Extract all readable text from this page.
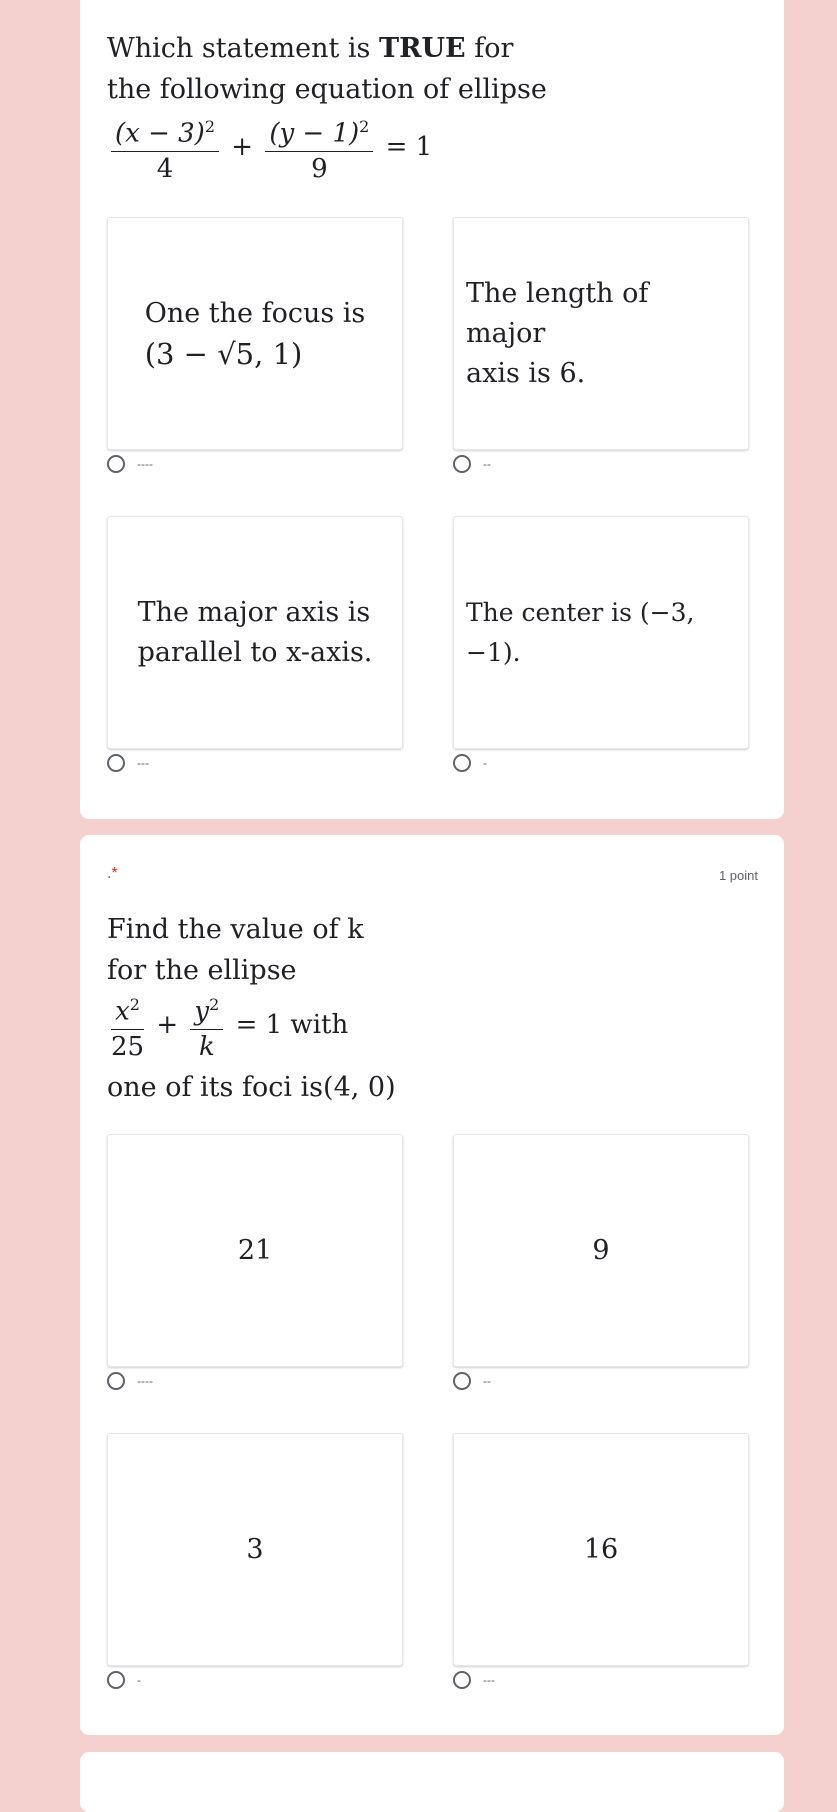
Which statement is TRUE for
the following equation of ellipse
$\frac{(x - 3)^2}{4} + \frac{(y - 1)^2}{9} = 1$
One the focus is
(3 − √5, 1)
The length of major
axis is 6.
----	--
The major axis is
parallel to x-axis.
The center is (−3, −1).
---	-
.*	1 point
Find the value of k
for the ellipse
$\frac{x^2}{25} + \frac{y^2}{k} = 1$ with
one of its foci is(4, 0)
21	9
----	--
3	16
-	---
